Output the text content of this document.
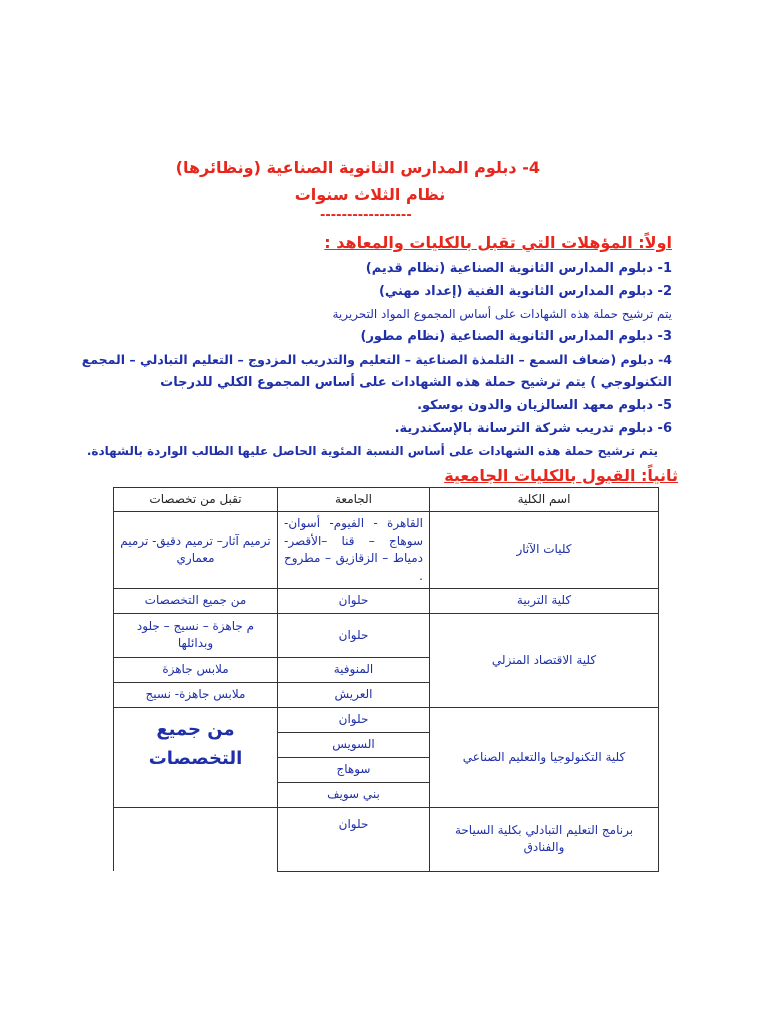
4- دبلوم المدارس الثانوية الصناعية (ونظائرها)
نظام الثلاث سنوات
-----------------
اولاً: المؤهلات التي تقبل بالكليات والمعاهد :
1- دبلوم المدارس الثانوية الصناعية (نظام قديم)
2- دبلوم المدارس الثانوية الفنية (إعداد مهني)
يتم ترشيح حملة هذه الشهادات على أساس المجموع المواد التحريرية
3- دبلوم المدارس الثانوية الصناعية (نظام مطور)
4- دبلوم (ضعاف السمع – التلمذة الصناعية – التعليم والتدريب المزدوج – التعليم التبادلي – المجمع
التكنولوجي ) يتم ترشيح حملة هذه الشهادات على أساس المجموع الكلي للدرجات
5- دبلوم معهد السالزيان والدون بوسكو.
6- دبلوم تدريب شركة الترسانة بالإسكندرية.
يتم ترشيح حملة هذه الشهادات على أساس النسبة المئوية الحاصل عليها الطالب الواردة بالشهادة.
ثانياً: القبول بالكليات الجامعية
اسم الكلية	الجامعة	تقبل من تخصصات
كليات الآثار	القاهرة - الفيوم- أسوان- سوهاج – قنا –الأقصر- دمياط – الزقازيق – مطروح .	ترميم آثار– ترميم دقيق- ترميم معماري
كلية التربية	حلوان	من جميع التخصصات
كلية الاقتصاد المنزلي	حلوان	م جاهزة – نسيج – جلود وبدائلها
	المنوفية	ملابس جاهزة
	العريش	ملابس جاهزة- نسيج
كلية التكنولوجيا والتعليم الصناعي	حلوان	من جميع التخصصات
	السويس	
	سوهاج	
	بني سويف	
برنامج التعليم التبادلي بكلية السياحة والفنادق	حلوان	
